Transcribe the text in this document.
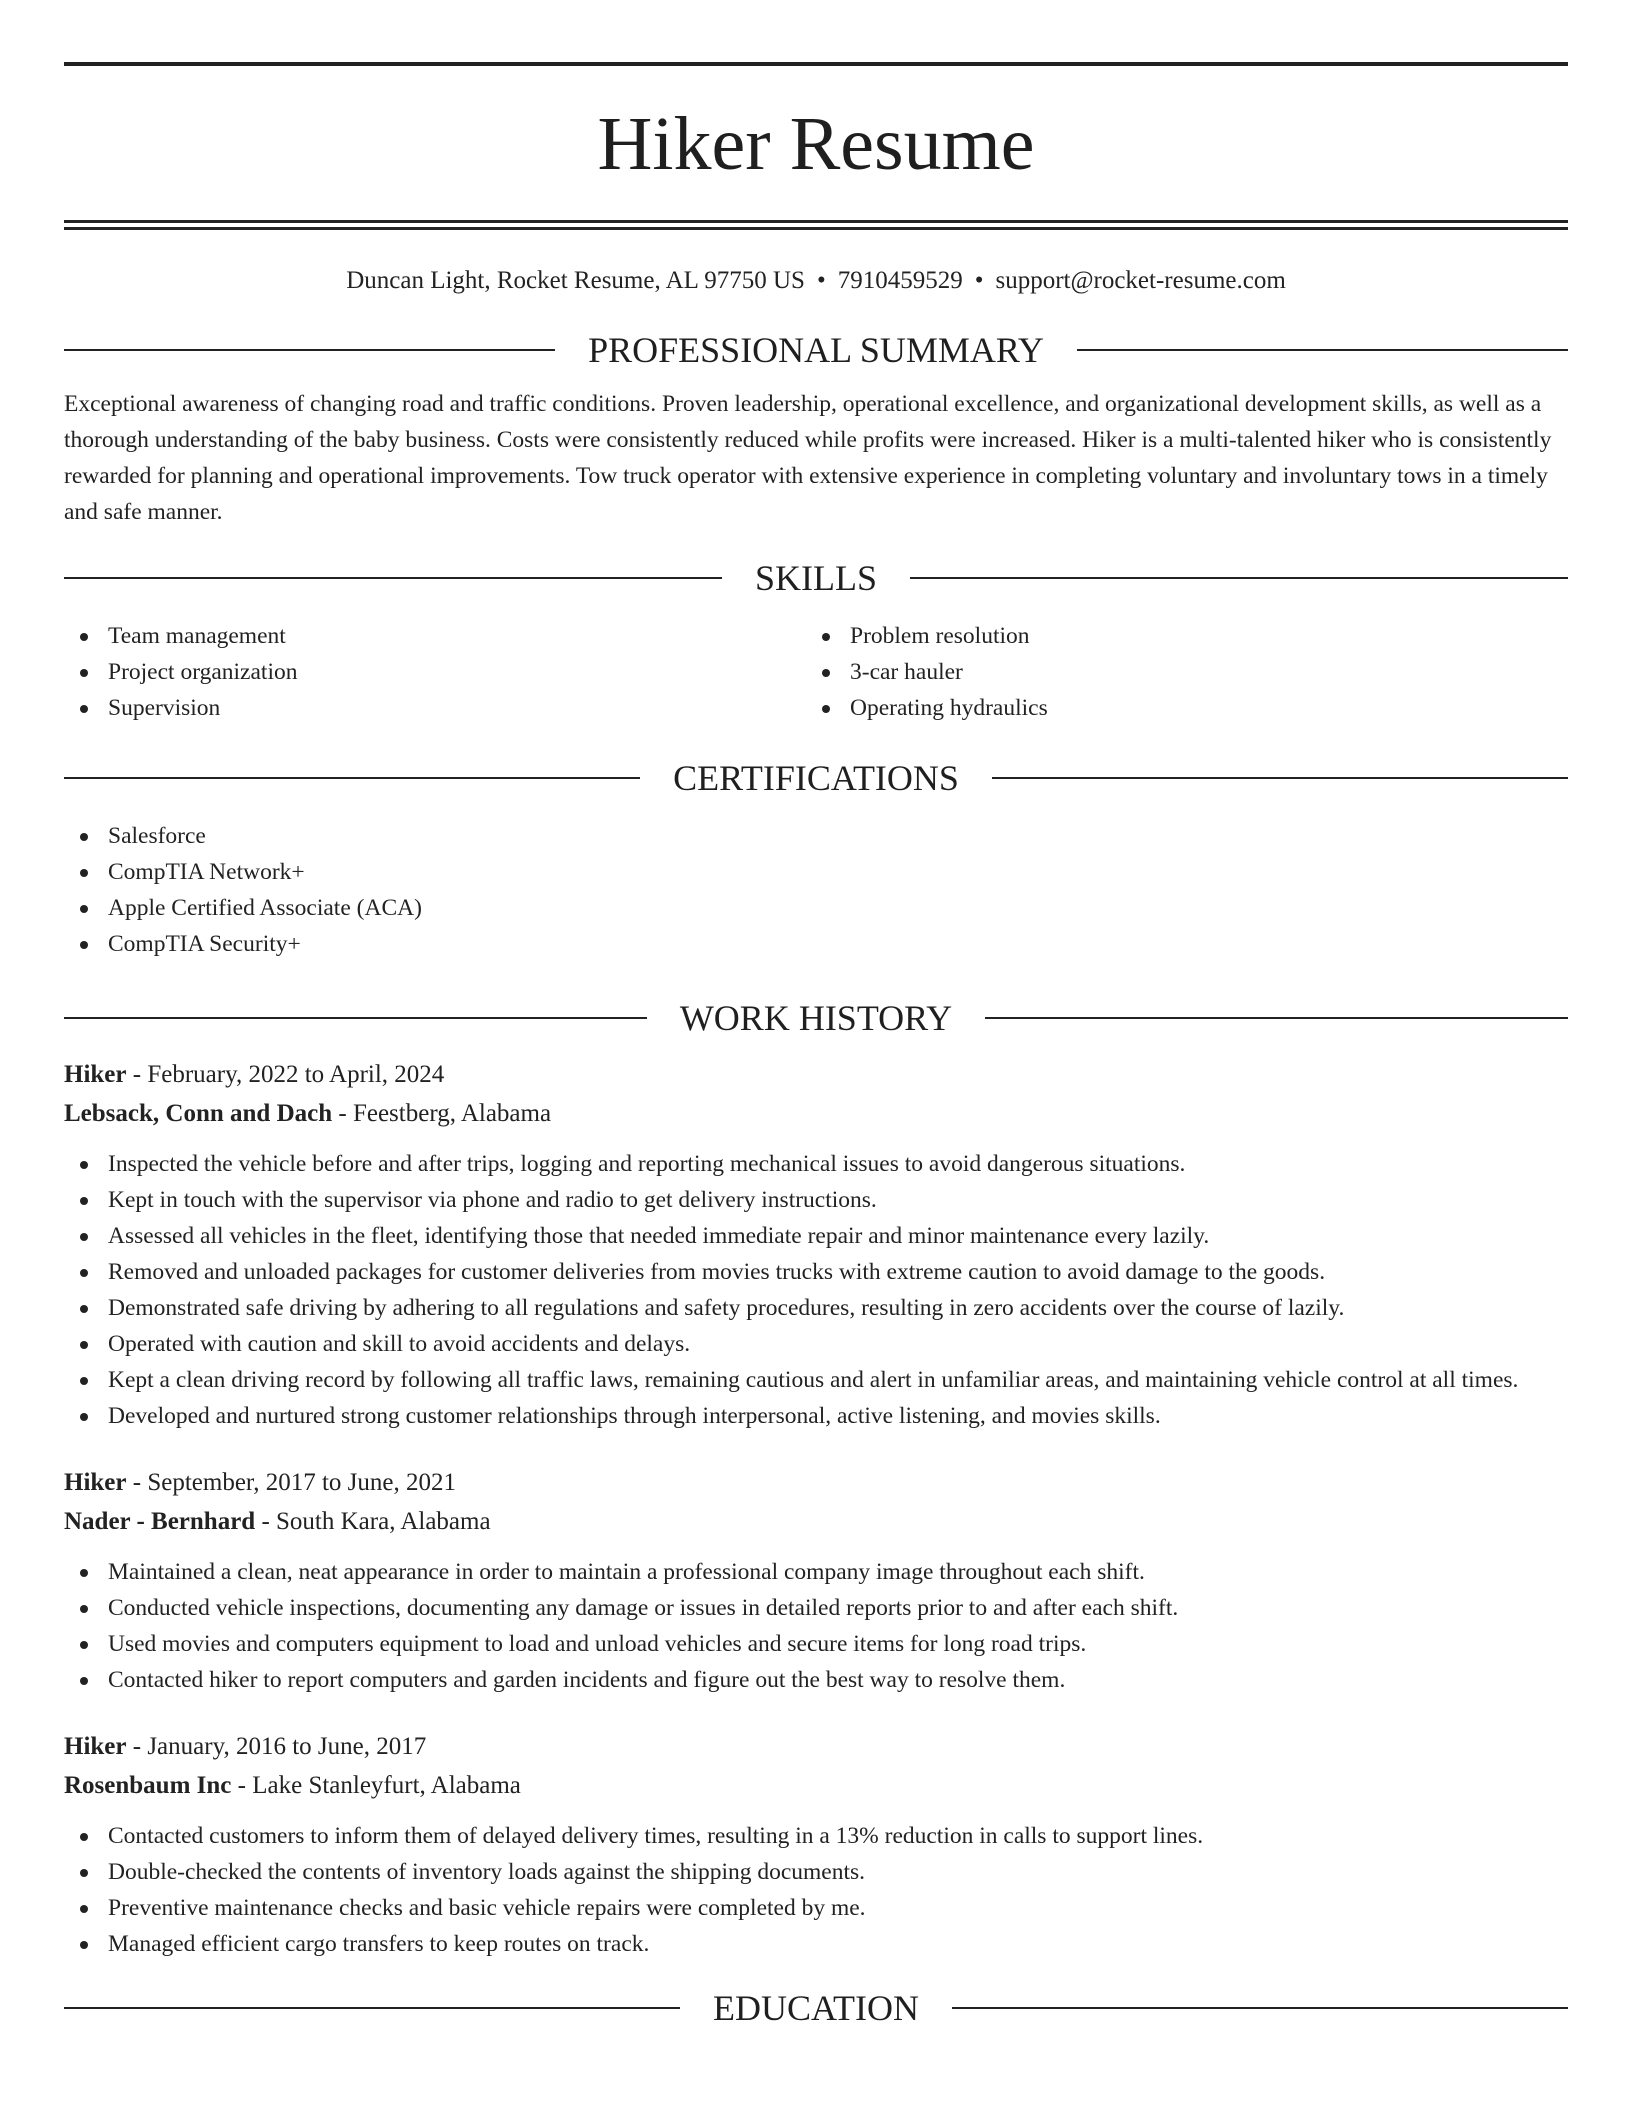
Hiker Resume
Duncan Light, Rocket Resume, AL 97750 US • 7910459529 • support@rocket-resume.com
PROFESSIONAL SUMMARY
Exceptional awareness of changing road and traffic conditions. Proven leadership, operational excellence, and organizational development skills, as well as a thorough understanding of the baby business. Costs were consistently reduced while profits were increased. Hiker is a multi-talented hiker who is consistently rewarded for planning and operational improvements. Tow truck operator with extensive experience in completing voluntary and involuntary tows in a timely and safe manner.
SKILLS
Team management
Project organization
Supervision
Problem resolution
3-car hauler
Operating hydraulics
CERTIFICATIONS
Salesforce
CompTIA Network+
Apple Certified Associate (ACA)
CompTIA Security+
WORK HISTORY
Hiker - February, 2022 to April, 2024
Lebsack, Conn and Dach - Feestberg, Alabama
Inspected the vehicle before and after trips, logging and reporting mechanical issues to avoid dangerous situations.
Kept in touch with the supervisor via phone and radio to get delivery instructions.
Assessed all vehicles in the fleet, identifying those that needed immediate repair and minor maintenance every lazily.
Removed and unloaded packages for customer deliveries from movies trucks with extreme caution to avoid damage to the goods.
Demonstrated safe driving by adhering to all regulations and safety procedures, resulting in zero accidents over the course of lazily.
Operated with caution and skill to avoid accidents and delays.
Kept a clean driving record by following all traffic laws, remaining cautious and alert in unfamiliar areas, and maintaining vehicle control at all times.
Developed and nurtured strong customer relationships through interpersonal, active listening, and movies skills.
Hiker - September, 2017 to June, 2021
Nader - Bernhard - South Kara, Alabama
Maintained a clean, neat appearance in order to maintain a professional company image throughout each shift.
Conducted vehicle inspections, documenting any damage or issues in detailed reports prior to and after each shift.
Used movies and computers equipment to load and unload vehicles and secure items for long road trips.
Contacted hiker to report computers and garden incidents and figure out the best way to resolve them.
Hiker - January, 2016 to June, 2017
Rosenbaum Inc - Lake Stanleyfurt, Alabama
Contacted customers to inform them of delayed delivery times, resulting in a 13% reduction in calls to support lines.
Double-checked the contents of inventory loads against the shipping documents.
Preventive maintenance checks and basic vehicle repairs were completed by me.
Managed efficient cargo transfers to keep routes on track.
EDUCATION
